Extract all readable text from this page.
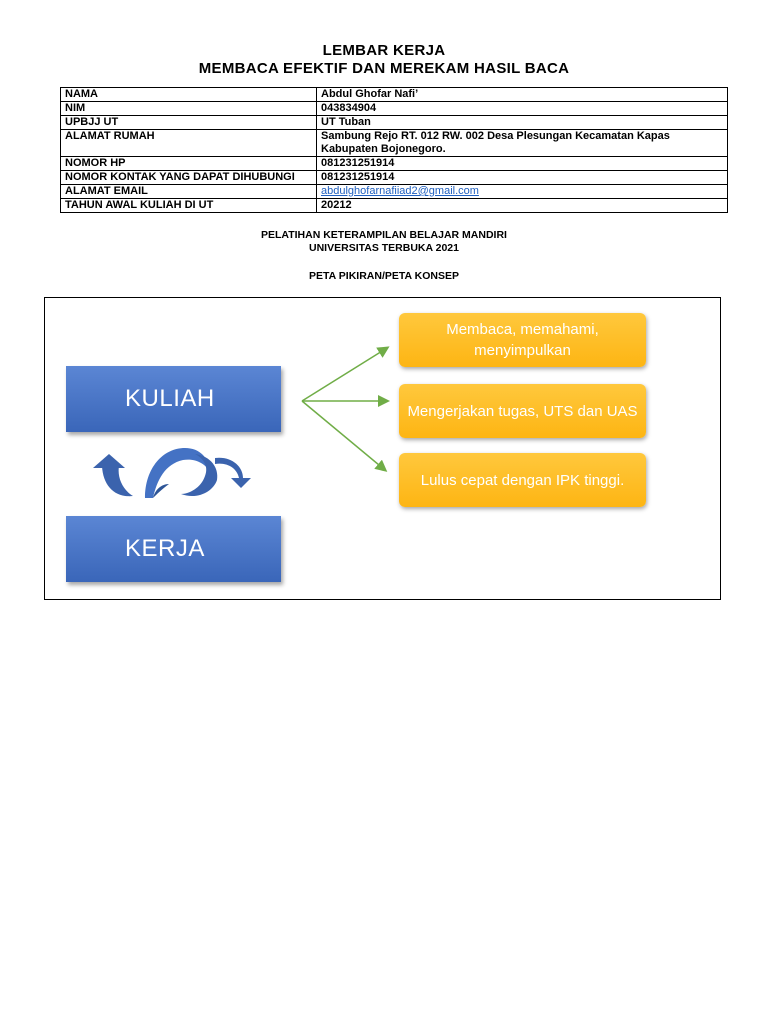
LEMBAR KERJA
MEMBACA EFEKTIF DAN MEREKAM HASIL BACA
NAMA	Abdul Ghofar Nafi’
NIM	043834904
UPBJJ UT	UT Tuban
ALAMAT RUMAH	Sambung Rejo RT. 012 RW. 002 Desa Plesungan Kecamatan Kapas Kabupaten Bojonegoro.
NOMOR HP	081231251914
NOMOR KONTAK YANG DAPAT DIHUBUNGI	081231251914
ALAMAT EMAIL	abdulghofarnafiiad2@gmail.com
TAHUN AWAL KULIAH DI UT	20212
PELATIHAN KETERAMPILAN BELAJAR MANDIRI
UNIVERSITAS TERBUKA 2021
PETA PIKIRAN/PETA KONSEP
KULIAH
KERJA
Membaca, memahami, menyimpulkan
Mengerjakan tugas, UTS dan UAS
Lulus cepat dengan IPK tinggi.
